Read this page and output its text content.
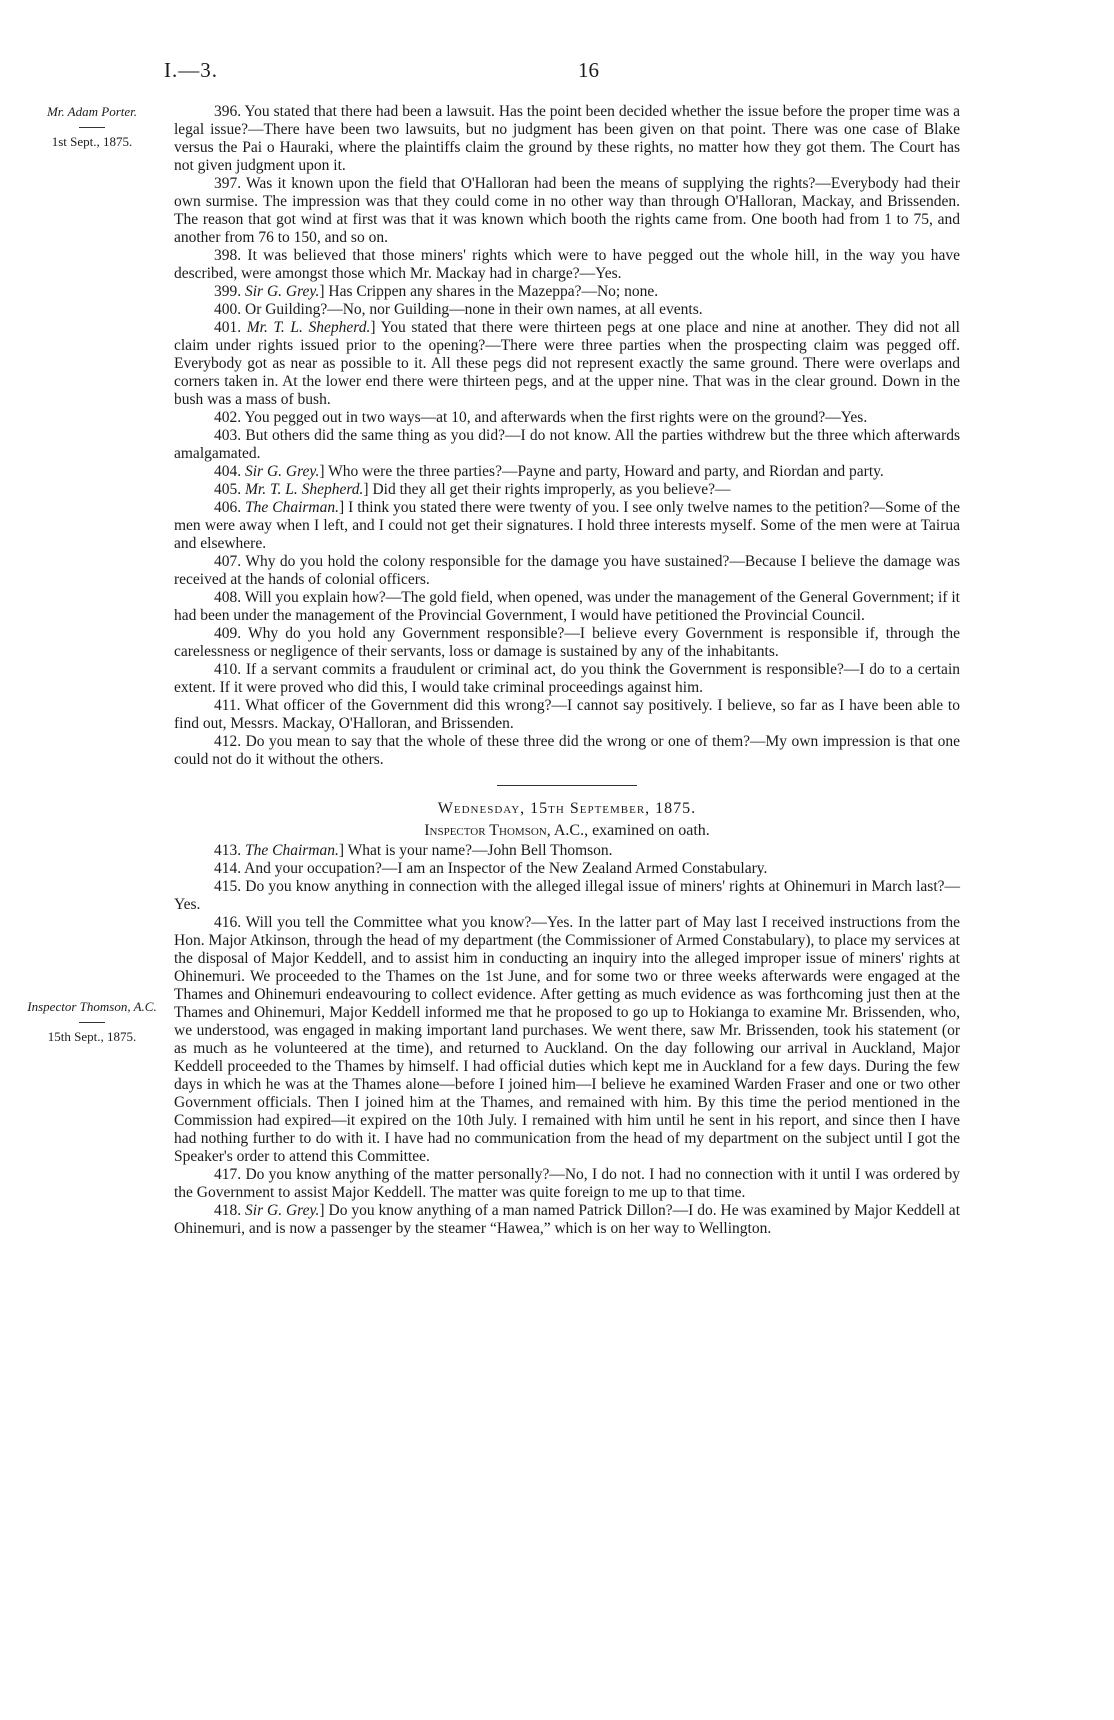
I.—3.	16
Mr. Adam Porter.
1st Sept., 1875.
Inspector Thomson, A.C.
15th Sept., 1875.

396. You stated that there had been a lawsuit. Has the point been decided whether the issue before the proper time was a legal issue?—There have been two lawsuits, but no judgment has been given on that point. There was one case of Blake versus the Pai o Hauraki, where the plaintiffs claim the ground by these rights, no matter how they got them. The Court has not given judgment upon it.

397. Was it known upon the field that O'Halloran had been the means of supplying the rights?—Everybody had their own surmise. The impression was that they could come in no other way than through O'Halloran, Mackay, and Brissenden. The reason that got wind at first was that it was known which booth the rights came from. One booth had from 1 to 75, and another from 76 to 150, and so on.

398. It was believed that those miners' rights which were to have pegged out the whole hill, in the way you have described, were amongst those which Mr. Mackay had in charge?—Yes.

399. Sir G. Grey.] Has Crippen any shares in the Mazeppa?—No; none.

400. Or Guilding?—No, nor Guilding—none in their own names, at all events.

401. Mr. T. L. Shepherd.] You stated that there were thirteen pegs at one place and nine at another. They did not all claim under rights issued prior to the opening?—There were three parties when the prospecting claim was pegged off. Everybody got as near as possible to it. All these pegs did not represent exactly the same ground. There were overlaps and corners taken in. At the lower end there were thirteen pegs, and at the upper nine. That was in the clear ground. Down in the bush was a mass of bush.

402. You pegged out in two ways—at 10, and afterwards when the first rights were on the ground?—Yes.

403. But others did the same thing as you did?—I do not know. All the parties withdrew but the three which afterwards amalgamated.

404. Sir G. Grey.] Who were the three parties?—Payne and party, Howard and party, and Riordan and party.

405. Mr. T. L. Shepherd.] Did they all get their rights improperly, as you believe?—

406. The Chairman.] I think you stated there were twenty of you. I see only twelve names to the petition?—Some of the men were away when I left, and I could not get their signatures. I hold three interests myself. Some of the men were at Tairua and elsewhere.

407. Why do you hold the colony responsible for the damage you have sustained?—Because I believe the damage was received at the hands of colonial officers.

408. Will you explain how?—The gold field, when opened, was under the management of the General Government; if it had been under the management of the Provincial Government, I would have petitioned the Provincial Council.

409. Why do you hold any Government responsible?—I believe every Government is responsible if, through the carelessness or negligence of their servants, loss or damage is sustained by any of the inhabitants.

410. If a servant commits a fraudulent or criminal act, do you think the Government is responsible?—I do to a certain extent. If it were proved who did this, I would take criminal proceedings against him.

411. What officer of the Government did this wrong?—I cannot say positively. I believe, so far as I have been able to find out, Messrs. Mackay, O'Halloran, and Brissenden.

412. Do you mean to say that the whole of these three did the wrong or one of them?—My own impression is that one could not do it without the others.

Wednesday, 15th September, 1875.
Inspector Thomson, A.C., examined on oath.

413. The Chairman.] What is your name?—John Bell Thomson.

414. And your occupation?—I am an Inspector of the New Zealand Armed Constabulary.

415. Do you know anything in connection with the alleged illegal issue of miners' rights at Ohinemuri in March last?—Yes.

416. Will you tell the Committee what you know?—Yes. In the latter part of May last I received instructions from the Hon. Major Atkinson, through the head of my department (the Commissioner of Armed Constabulary), to place my services at the disposal of Major Keddell, and to assist him in conducting an inquiry into the alleged improper issue of miners' rights at Ohinemuri. We proceeded to the Thames on the 1st June, and for some two or three weeks afterwards were engaged at the Thames and Ohinemuri endeavouring to collect evidence. After getting as much evidence as was forthcoming just then at the Thames and Ohinemuri, Major Keddell informed me that he proposed to go up to Hokianga to examine Mr. Brissenden, who, we understood, was engaged in making important land purchases. We went there, saw Mr. Brissenden, took his statement (or as much as he volunteered at the time), and returned to Auckland. On the day following our arrival in Auckland, Major Keddell proceeded to the Thames by himself. I had official duties which kept me in Auckland for a few days. During the few days in which he was at the Thames alone—before I joined him—I believe he examined Warden Fraser and one or two other Government officials. Then I joined him at the Thames, and remained with him. By this time the period mentioned in the Commission had expired—it expired on the 10th July. I remained with him until he sent in his report, and since then I have had nothing further to do with it. I have had no communication from the head of my department on the subject until I got the Speaker's order to attend this Committee.

417. Do you know anything of the matter personally?—No, I do not. I had no connection with it until I was ordered by the Government to assist Major Keddell. The matter was quite foreign to me up to that time.

418. Sir G. Grey.] Do you know anything of a man named Patrick Dillon?—I do. He was examined by Major Keddell at Ohinemuri, and is now a passenger by the steamer “Hawea,” which is on her way to Wellington.
